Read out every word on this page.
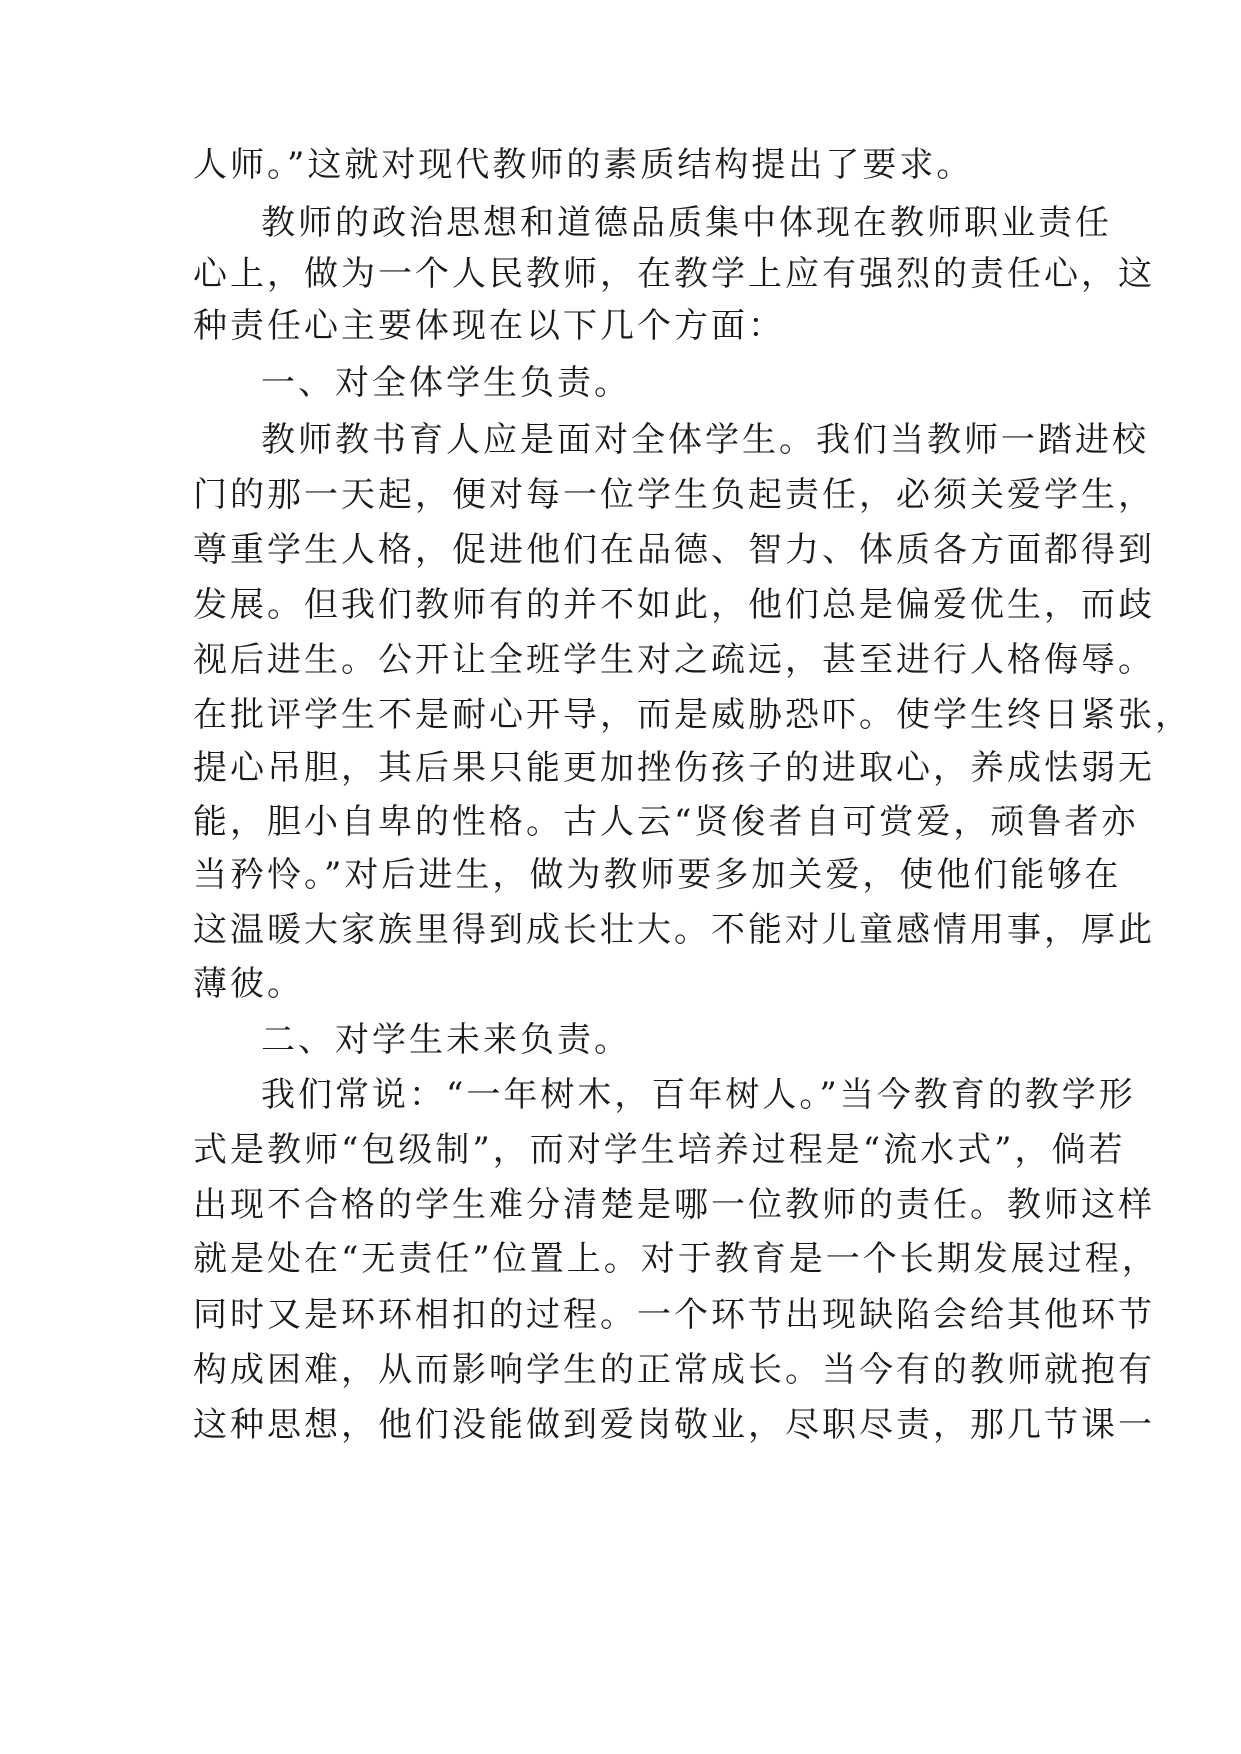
人师。”这就对现代教师的素质结构提出了要求。
教师的政治思想和道德品质集中体现在教师职业责任
心上，做为一个人民教师，在教学上应有强烈的责任心，这
种责任心主要体现在以下几个方面：
一、对全体学生负责。
教师教书育人应是面对全体学生。我们当教师一踏进校
门的那一天起，便对每一位学生负起责任，必须关爱学生，
尊重学生人格，促进他们在品德、智力、体质各方面都得到
发展。但我们教师有的并不如此，他们总是偏爱优生，而歧
视后进生。公开让全班学生对之疏远，甚至进行人格侮辱。
在批评学生不是耐心开导，而是威胁恐吓。使学生终日紧张，
提心吊胆，其后果只能更加挫伤孩子的进取心，养成怯弱无
能，胆小自卑的性格。古人云“贤俊者自可赏爱，顽鲁者亦
当矜怜。”对后进生，做为教师要多加关爱，使他们能够在
这温暖大家族里得到成长壮大。不能对儿童感情用事，厚此
薄彼。
二、对学生未来负责。
我们常说：“一年树木，百年树人。”当今教育的教学形
式是教师“包级制”，而对学生培养过程是“流水式”，倘若
出现不合格的学生难分清楚是哪一位教师的责任。教师这样
就是处在“无责任”位置上。对于教育是一个长期发展过程，
同时又是环环相扣的过程。一个环节出现缺陷会给其他环节
构成困难，从而影响学生的正常成长。当今有的教师就抱有
这种思想，他们没能做到爱岗敬业，尽职尽责，那几节课一
